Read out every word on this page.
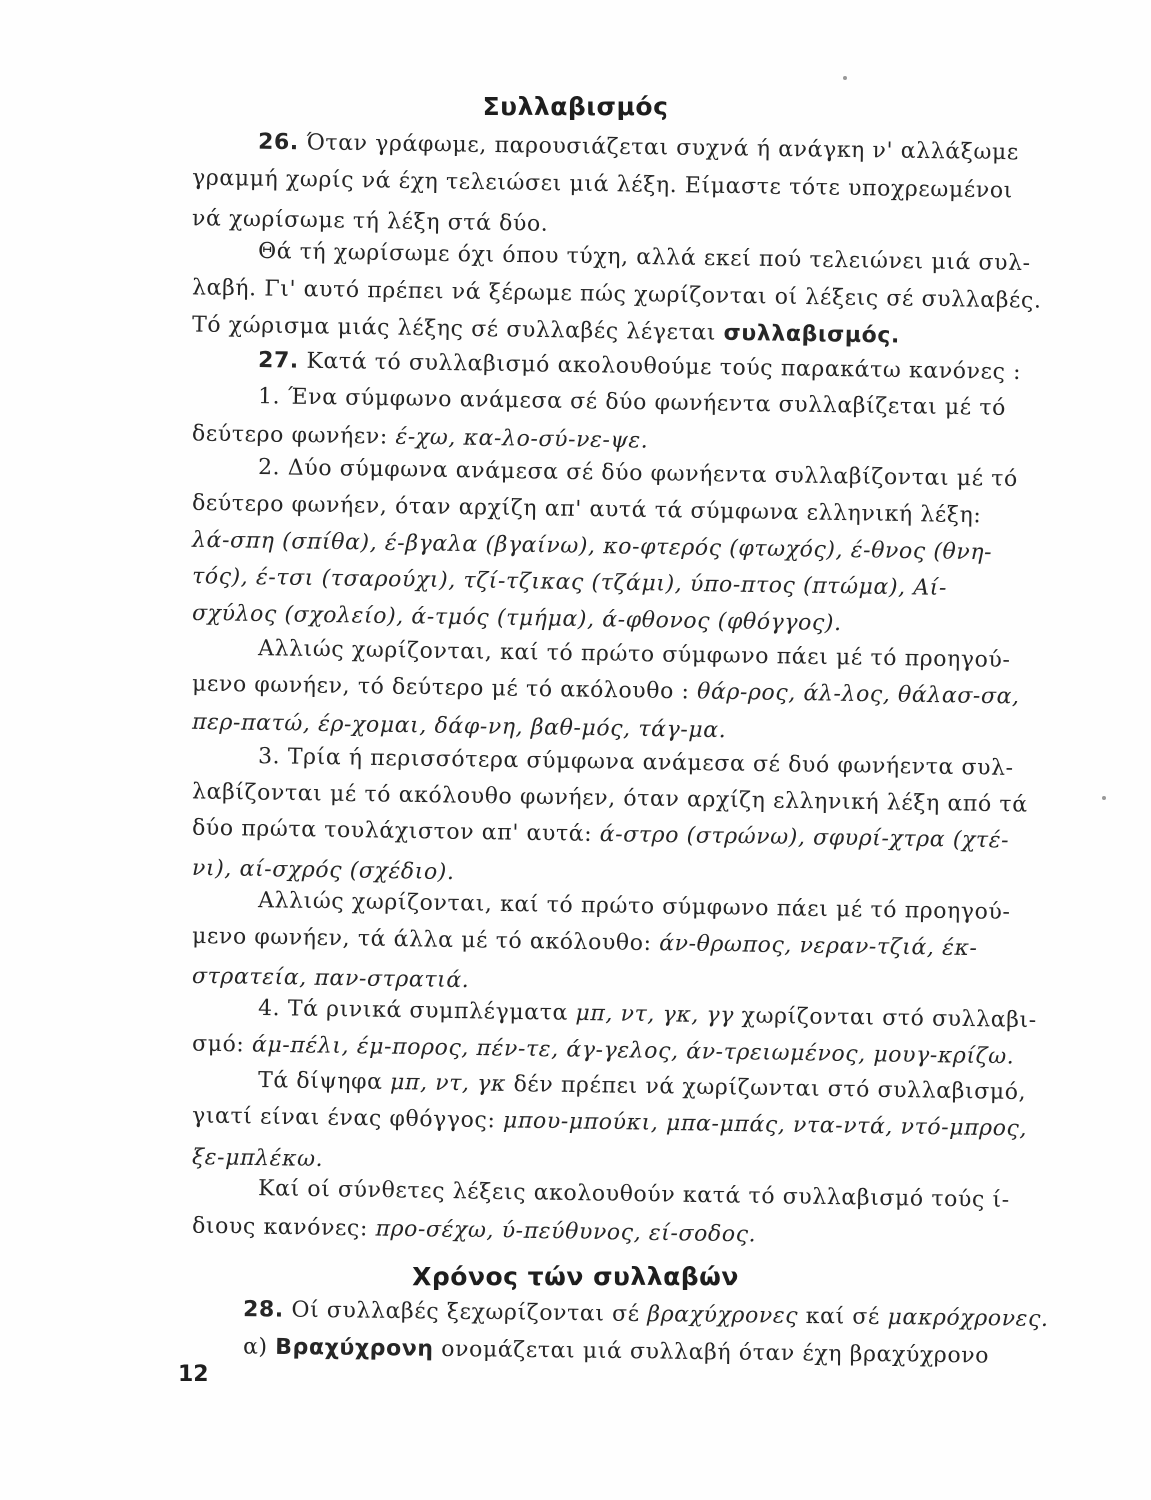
Συλλαβισμός
26. Όταν γράφωμε, παρουσιάζεται συχνά ή ανάγκη ν' αλλάξωμε
γραμμή χωρίς νά έχη τελειώσει μιά λέξη. Είμαστε τότε υποχρεωμένοι
νά χωρίσωμε τή λέξη στά δύο.
Θά τή χωρίσωμε όχι όπου τύχη, αλλά εκεί πού τελειώνει μιά συλ-
λαβή. Γι' αυτό πρέπει νά ξέρωμε πώς χωρίζονται οί λέξεις σέ συλλαβές.
Τό χώρισμα μιάς λέξης σέ συλλαβές λέγεται συλλαβισμός.
27. Κατά τό συλλαβισμό ακολουθούμε τούς παρακάτω κανόνες :
1. Ένα σύμφωνο ανάμεσα σέ δύο φωνήεντα συλλαβίζεται μέ τό
δεύτερο φωνήεν: έ-χω, κα-λο-σύ-νε-ψε.
2. Δύο σύμφωνα ανάμεσα σέ δύο φωνήεντα συλλαβίζονται μέ τό
δεύτερο φωνήεν, όταν αρχίζη απ' αυτά τά σύμφωνα ελληνική λέξη:
λά-σπη (σπίθα), έ-βγαλα (βγαίνω), κο-φτερός (φτωχός), έ-θνος (θνη-
τός), έ-τσι (τσαρούχι), τζί-τζικας (τζάμι), ύπο-πτος (πτώμα), Αί-
σχύλος (σχολείο), ά-τμός (τμήμα), ά-φθονος (φθόγγος).
Αλλιώς χωρίζονται, καί τό πρώτο σύμφωνο πάει μέ τό προηγού-
μενο φωνήεν, τό δεύτερο μέ τό ακόλουθο : θάρ-ρος, άλ-λος, θάλασ-σα,
περ-πατώ, έρ-χομαι, δάφ-νη, βαθ-μός, τάγ-μα.
3. Τρία ή περισσότερα σύμφωνα ανάμεσα σέ δυό φωνήεντα συλ-
λαβίζονται μέ τό ακόλουθο φωνήεν, όταν αρχίζη ελληνική λέξη από τά
δύο πρώτα τουλάχιστον απ' αυτά: ά-στρο (στρώνω), σφυρί-χτρα (χτέ-
νι), αί-σχρός (σχέδιο).
Αλλιώς χωρίζονται, καί τό πρώτο σύμφωνο πάει μέ τό προηγού-
μενο φωνήεν, τά άλλα μέ τό ακόλουθο: άν-θρωπος, νεραν-τζιά, έκ-
στρατεία, παν-στρατιά.
4. Τά ρινικά συμπλέγματα μπ, ντ, γκ, γγ χωρίζονται στό συλλαβι-
σμό: άμ-πέλι, έμ-πορος, πέν-τε, άγ-γελος, άν-τρειωμένος, μουγ-κρίζω.
Τά δίψηφα μπ, ντ, γκ δέν πρέπει νά χωρίζωνται στό συλλαβισμό,
γιατί είναι ένας φθόγγος: μπου-μπούκι, μπα-μπάς, ντα-ντά, ντό-μπρος,
ξε-μπλέκω.
Καί οί σύνθετες λέξεις ακολουθούν κατά τό συλλαβισμό τούς ί-
διους κανόνες: προ-σέχω, ύ-πεύθυνος, εί-σοδος.
Χρόνος τών συλλαβών
28. Οί συλλαβές ξεχωρίζονται σέ βραχύχρονες καί σέ μακρόχρονες.
α) Βραχύχρονη ονομάζεται μιά συλλαβή όταν έχη βραχύχρονο
12
